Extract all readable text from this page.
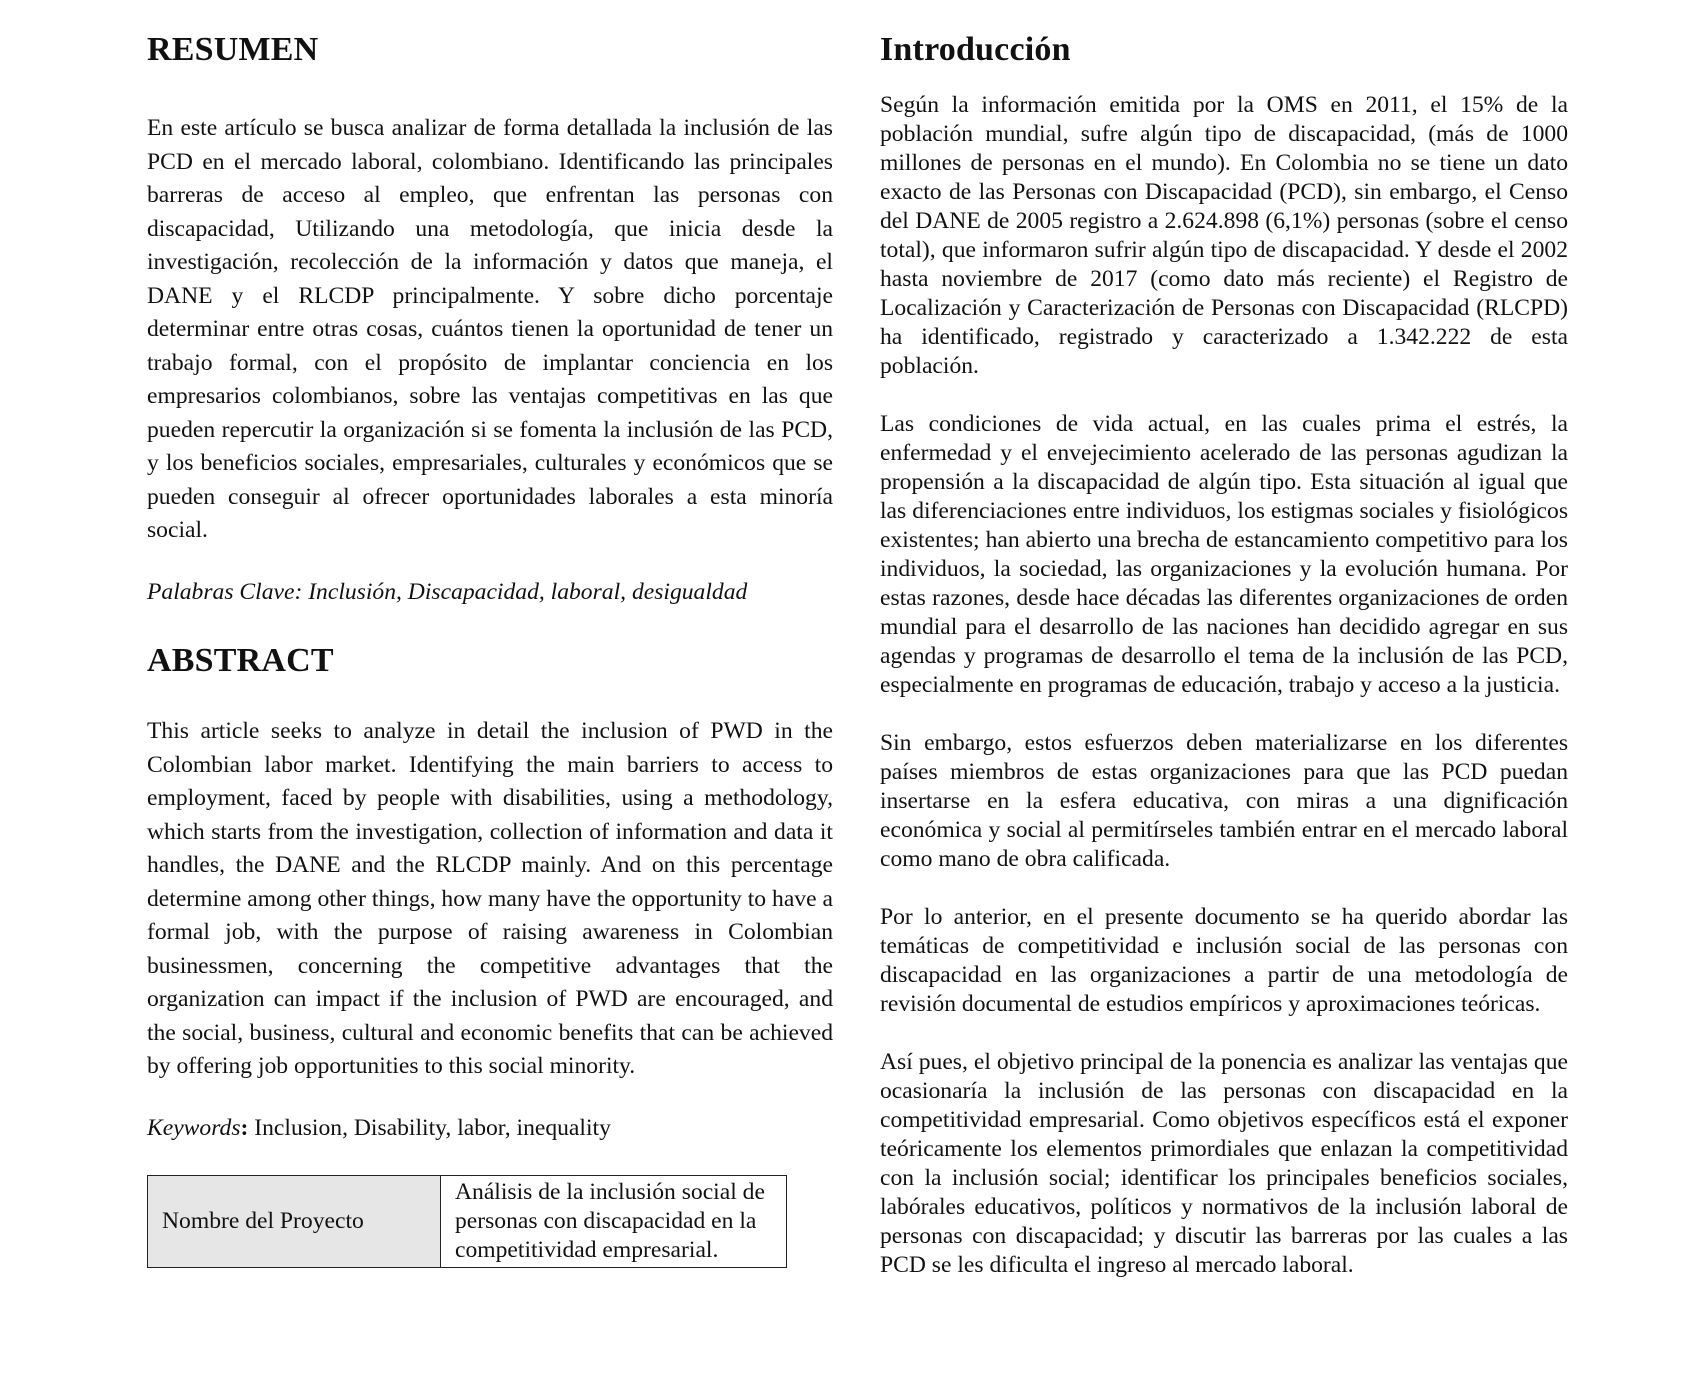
RESUMEN

En este artículo se busca analizar de forma detallada la inclusión de las PCD en el mercado laboral, colombiano. Identificando las principales barreras de acceso al empleo, que enfrentan las personas con discapacidad, Utilizando una metodología, que inicia desde la investigación, recolección de la información y datos que maneja, el DANE y el RLCDP principalmente. Y sobre dicho porcentaje determinar entre otras cosas, cuántos tienen la oportunidad de tener un trabajo formal, con el propósito de implantar conciencia en los empresarios colombianos, sobre las ventajas competitivas en las que pueden repercutir la organización si se fomenta la inclusión de las PCD, y los beneficios sociales, empresariales, culturales y económicos que se pueden conseguir al ofrecer oportunidades laborales a esta minoría social.

Palabras Clave: Inclusión, Discapacidad, laboral, desigualdad

ABSTRACT

This article seeks to analyze in detail the inclusion of PWD in the Colombian labor market. Identifying the main barriers to access to employment, faced by people with disabilities, using a methodology, which starts from the investigation, collection of information and data it handles, the DANE and the RLCDP mainly. And on this percentage determine among other things, how many have the opportunity to have a formal job, with the purpose of raising awareness in Colombian businessmen, concerning the competitive advantages that the organization can impact if the inclusion of PWD are encouraged, and the social, business, cultural and economic benefits that can be achieved by offering job opportunities to this social minority.

Keywords: Inclusion, Disability, labor, inequality

Nombre del Proyecto	Análisis de la inclusión social de personas con discapacidad en la competitividad empresarial.
Introducción

Según la información emitida por la OMS en 2011, el 15% de la población mundial, sufre algún tipo de discapacidad, (más de 1000 millones de personas en el mundo). En Colombia no se tiene un dato exacto de las Personas con Discapacidad (PCD), sin embargo, el Censo del DANE de 2005 registro a 2.624.898 (6,1%) personas (sobre el censo total), que informaron sufrir algún tipo de discapacidad. Y desde el 2002 hasta noviembre de 2017 (como dato más reciente) el Registro de Localización y Caracterización de Personas con Discapacidad (RLCPD) ha identificado, registrado y caracterizado a 1.342.222 de esta población.

Las condiciones de vida actual, en las cuales prima el estrés, la enfermedad y el envejecimiento acelerado de las personas agudizan la propensión a la discapacidad de algún tipo. Esta situación al igual que las diferenciaciones entre individuos, los estigmas sociales y fisiológicos existentes; han abierto una brecha de estancamiento competitivo para los individuos, la sociedad, las organizaciones y la evolución humana. Por estas razones, desde hace décadas las diferentes organizaciones de orden mundial para el desarrollo de las naciones han decidido agregar en sus agendas y programas de desarrollo el tema de la inclusión de las PCD, especialmente en programas de educación, trabajo y acceso a la justicia.

Sin embargo, estos esfuerzos deben materializarse en los diferentes países miembros de estas organizaciones para que las PCD puedan insertarse en la esfera educativa, con miras a una dignificación económica y social al permitírseles también entrar en el mercado laboral como mano de obra calificada.

Por lo anterior, en el presente documento se ha querido abordar las temáticas de competitividad e inclusión social de las personas con discapacidad en las organizaciones a partir de una metodología de revisión documental de estudios empíricos y aproximaciones teóricas.

Así pues, el objetivo principal de la ponencia es analizar las ventajas que ocasionaría la inclusión de las personas con discapacidad en la competitividad empresarial. Como objetivos específicos está el exponer teóricamente los elementos primordiales que enlazan la competitividad con la inclusión social; identificar los principales beneficios sociales, labórales educativos, políticos y normativos de la inclusión laboral de personas con discapacidad; y discutir las barreras por las cuales a las PCD se les dificulta el ingreso al mercado laboral.
